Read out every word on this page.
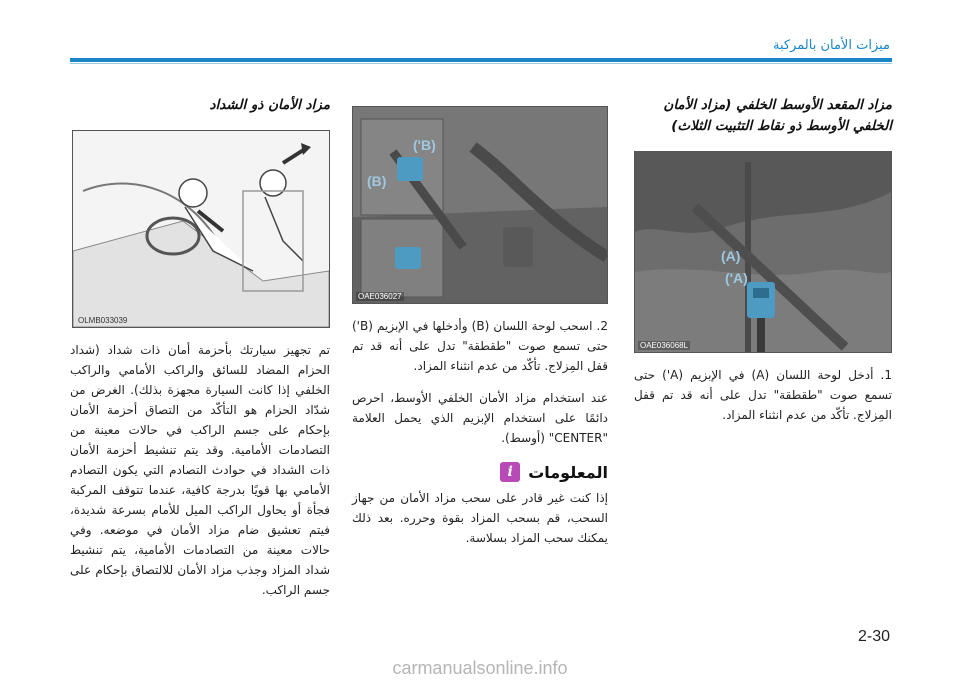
ميزات الأمان بالمركبة
مزاد المقعد الأوسط الخلفي (مزاد الأمان
الخلفي الأوسط ذو نقاط التثبيت الثلاث)
(A)
(A')
OAE036068L

1. أدخل لوحة اللسان (A) في الإبزيم (A') حتى تسمع صوت "طقطقة" تدل على أنه قد تم قفل المِزلاج. تأكّد من عدم انثناء المزاد.

(B')
(B)
OAE036027

2. اسحب لوحة اللسان (B) وأدخلها في الإبزيم (B') حتى تسمع صوت "طقطقة" تدل على أنه قد تم قفل المِزلاج. تأكّد من عدم انثناء المزاد.

عند استخدام مزاد الأمان الخلفي الأوسط، احرص دائمًا على استخدام الإبزيم الذي يحمل العلامة "CENTER" (أوسط).

i المعلومات

إذا كنت غير قادر على سحب مزاد الأمان من جهاز السحب، قم بسحب المزاد بقوة وحرره. بعد ذلك يمكنك سحب المزاد بسلاسة.

مزاد الأمان ذو الشداد
OLMB033039

تم تجهيز سيارتك بأحزمة أمان ذات شداد (شداد الحزام المضاد للسائق والراكب الأمامي والراكب الخلفي إذا كانت السيارة مجهزة بذلك). الغرض من شدّاد الحزام هو التأكّد من التصاق أحزمة الأمان بإحكام على جسم الراكب في حالات معينة من التصادمات الأمامية. وقد يتم تنشيط أحزمة الأمان ذات الشداد في حوادث التصادم التي يكون التصادم الأمامي بها قويًا بدرجة كافية، عندما تتوقف المركبة فجأة أو يحاول الراكب الميل للأمام بسرعة شديدة، فيتم تعشيق ضام مزاد الأمان في موضعه. وفي حالات معينة من التصادمات الأمامية، يتم تنشيط شداد المزاد وجذب مزاد الأمان للالتصاق بإحكام على جسم الراكب.

2-30
carmanualsonline.info
